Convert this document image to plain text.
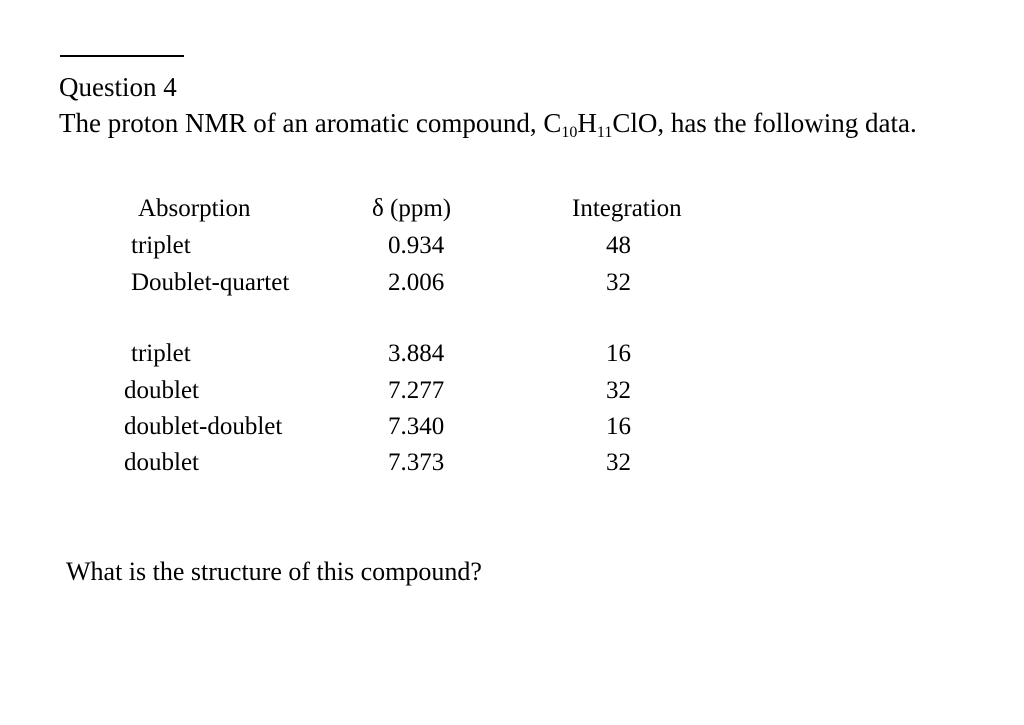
Question 4
The proton NMR of an aromatic compound, $C_{10}H_{11}ClO$, has the following data.
Absorption	δ (ppm)	Integration
triplet	0.934	48
Doublet-quartet	2.006	32
triplet	3.884	16
doublet	7.277	32
doublet-doublet	7.340	16
doublet	7.373	32
What is the structure of this compound?
